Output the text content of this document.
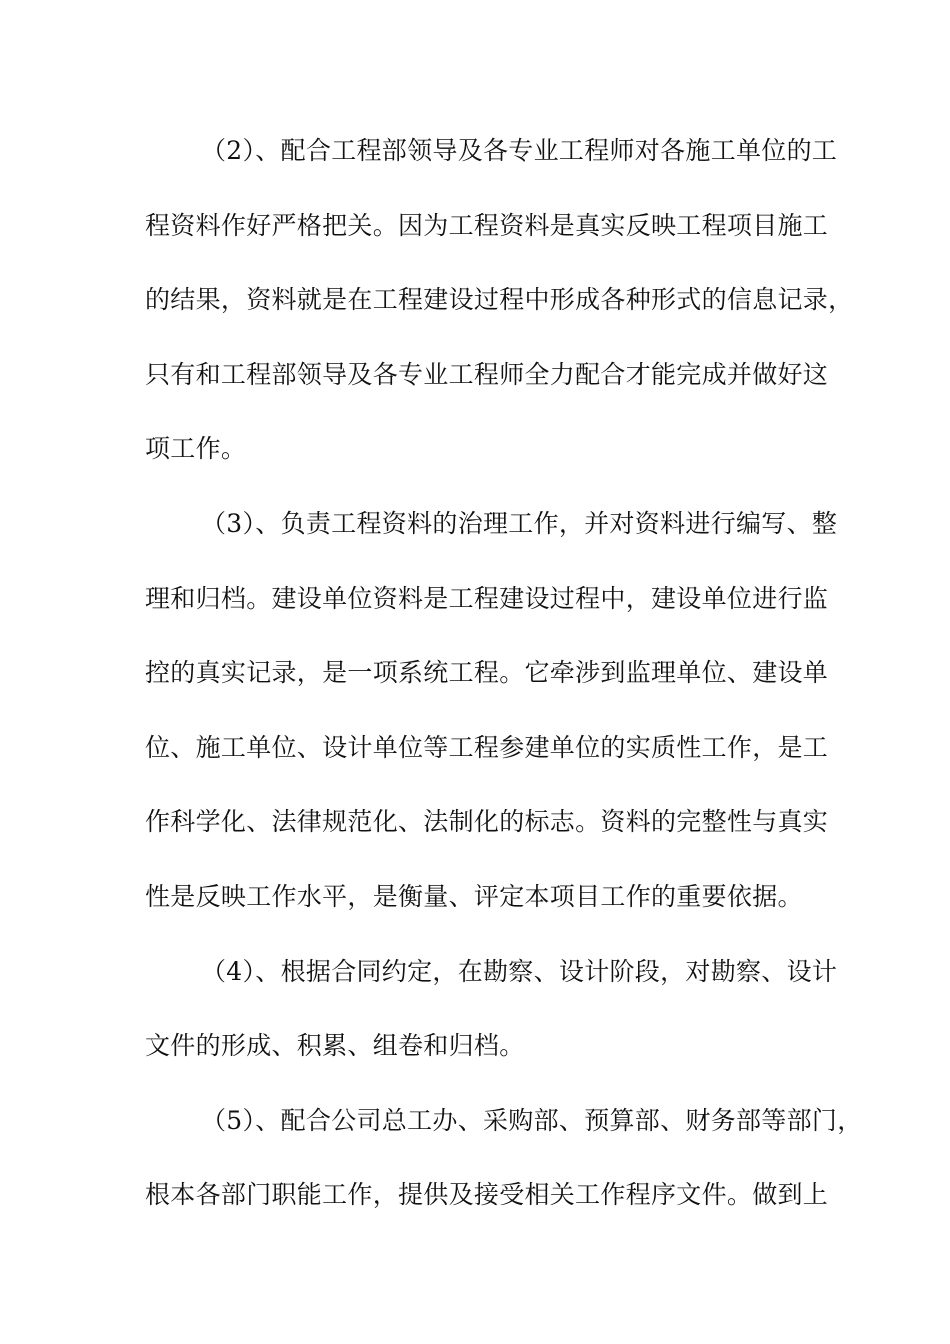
（2）、配合工程部领导及各专业工程师对各施工单位的工
程资料作好严格把关。因为工程资料是真实反映工程项目施工
的结果，资料就是在工程建设过程中形成各种形式的信息记录，
只有和工程部领导及各专业工程师全力配合才能完成并做好这
项工作。
（3）、负责工程资料的治理工作，并对资料进行编写、整
理和归档。建设单位资料是工程建设过程中，建设单位进行监
控的真实记录，是一项系统工程。它牵涉到监理单位、建设单
位、施工单位、设计单位等工程参建单位的实质性工作，是工
作科学化、法律规范化、法制化的标志。资料的完整性与真实
性是反映工作水平，是衡量、评定本项目工作的重要依据。
（4）、根据合同约定，在勘察、设计阶段，对勘察、设计
文件的形成、积累、组卷和归档。
（5）、配合公司总工办、采购部、预算部、财务部等部门，
根本各部门职能工作，提供及接受相关工作程序文件。做到上
